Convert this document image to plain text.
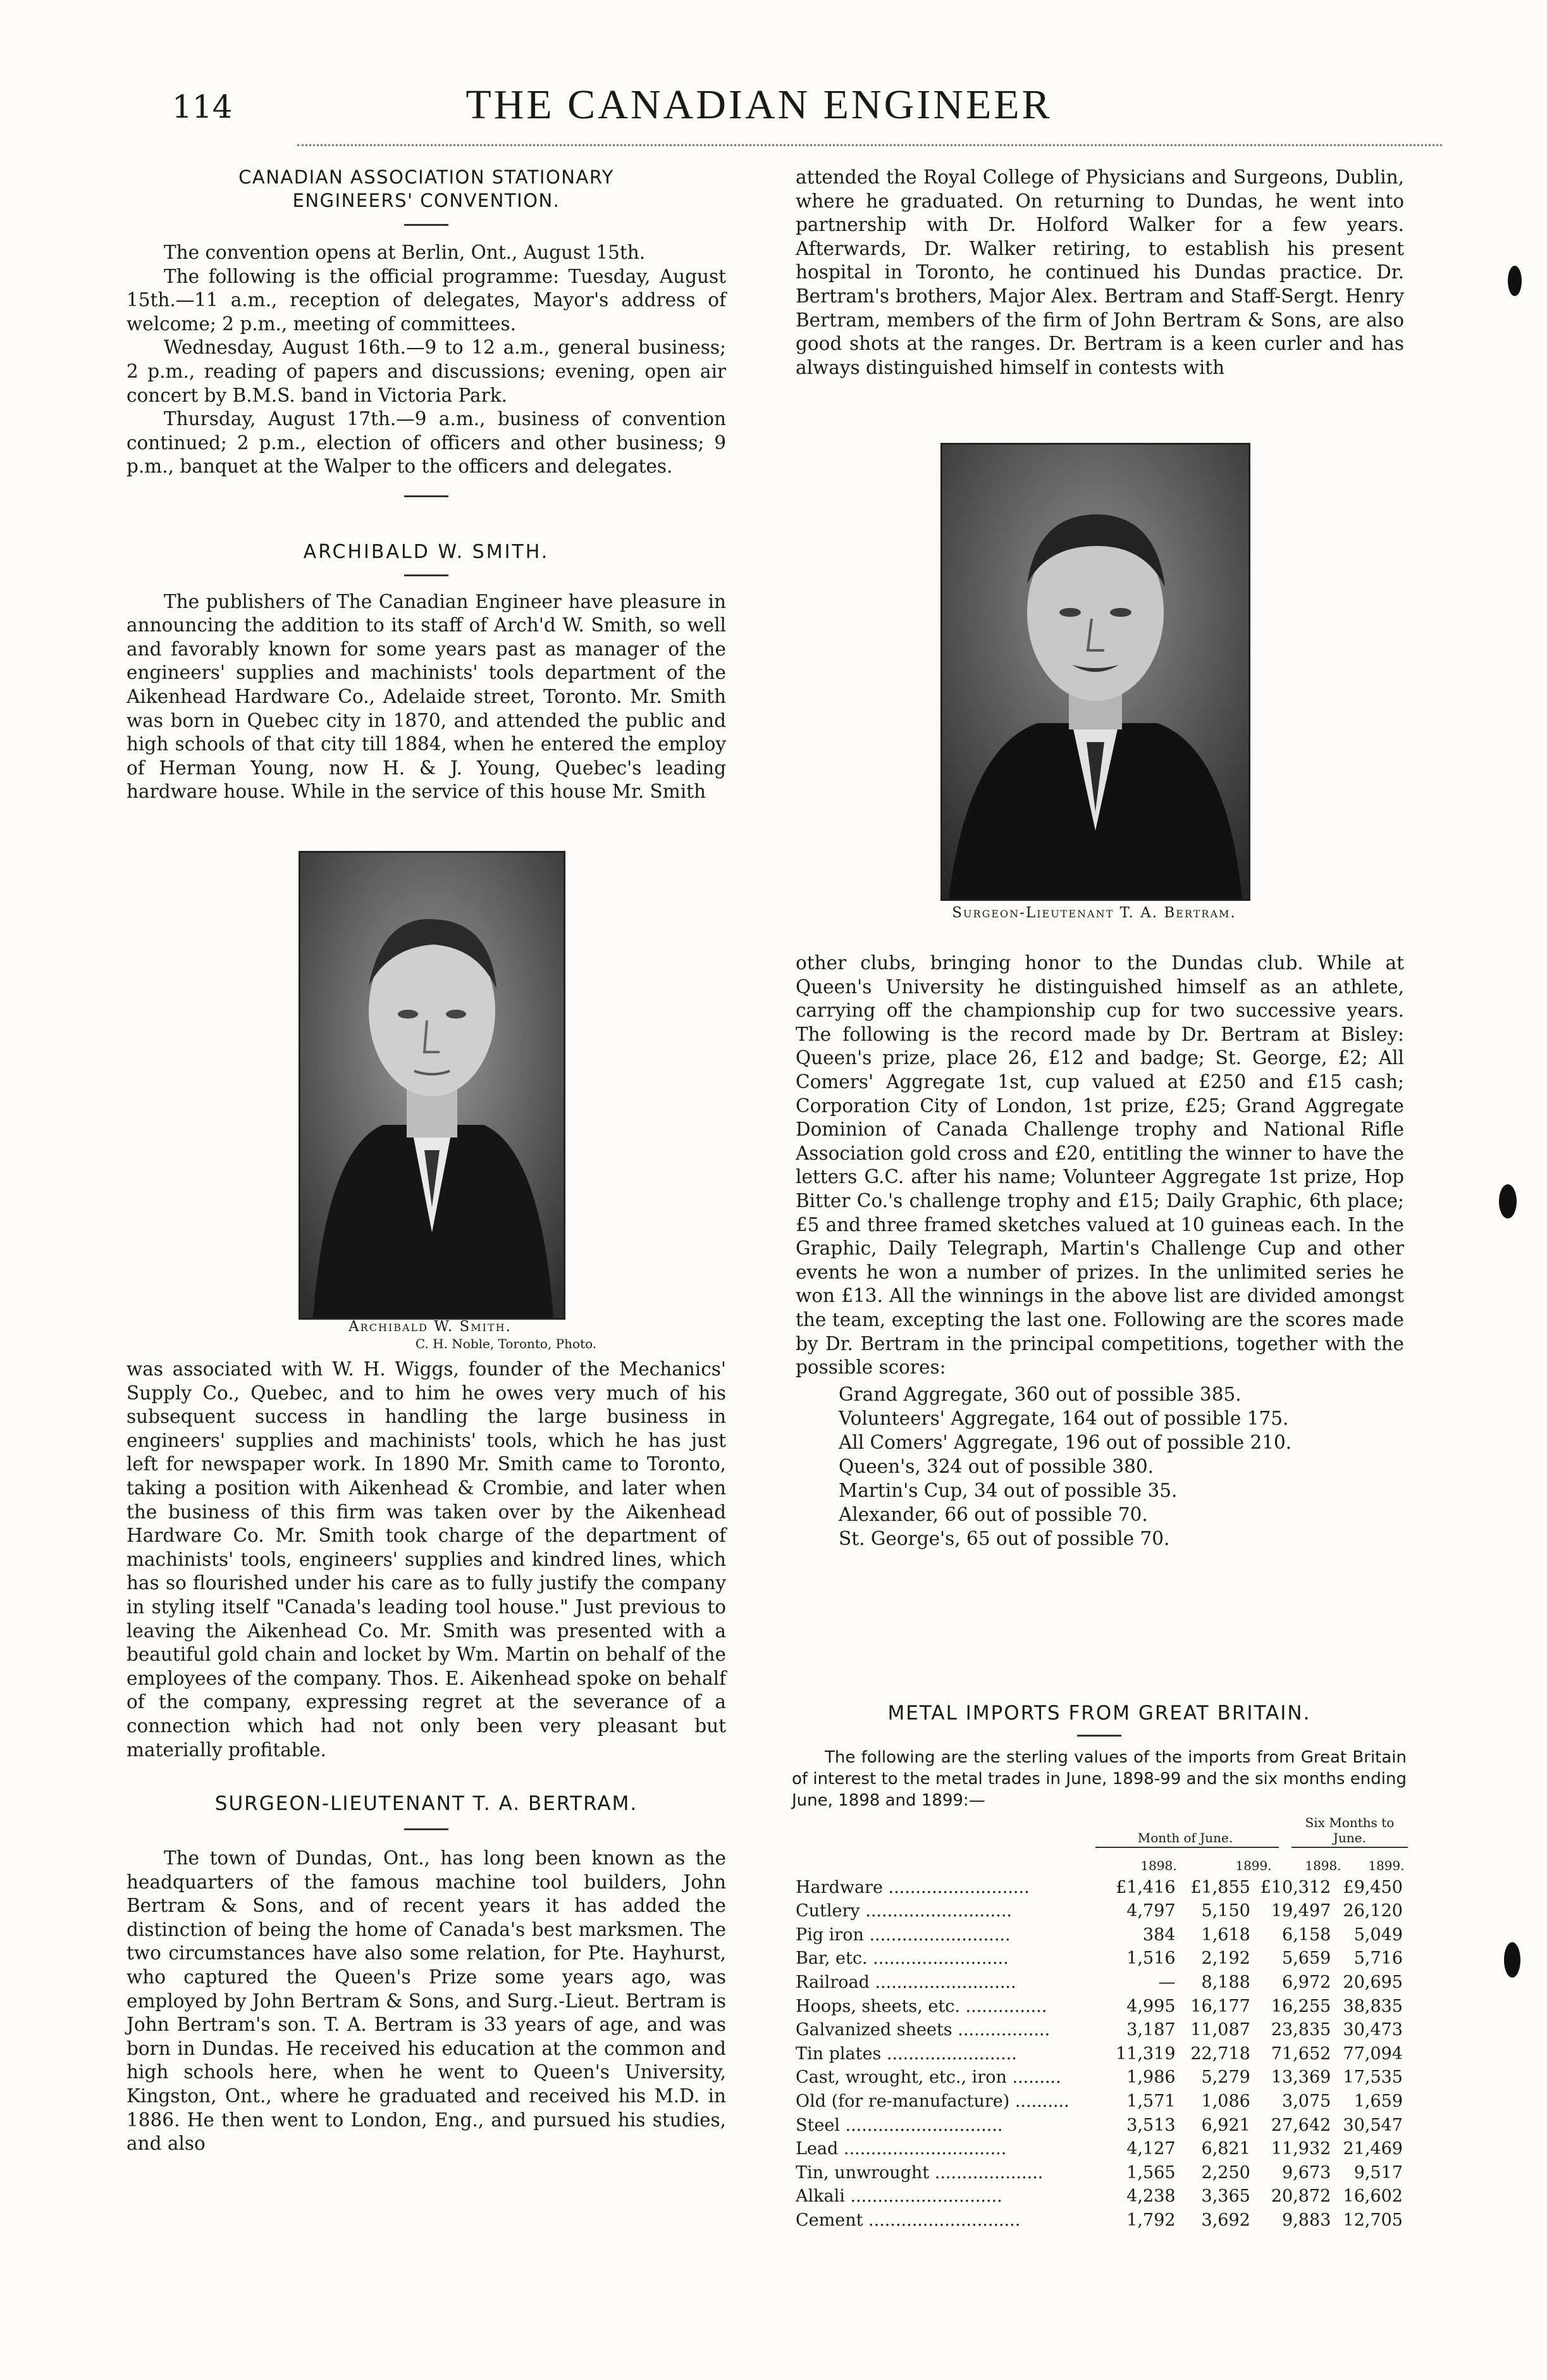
114	THE CANADIAN ENGINEER
CANADIAN ASSOCIATION STATIONARY ENGINEERS' CONVENTION.

The convention opens at Berlin, Ont., August 15th.

The following is the official programme: Tuesday, August 15th.—11 a.m., reception of delegates, Mayor's address of welcome; 2 p.m., meeting of committees.

Wednesday, August 16th.—9 to 12 a.m., general business; 2 p.m., reading of papers and discussions; evening, open air concert by B.M.S. band in Victoria Park.

Thursday, August 17th.—9 a.m., business of convention continued; 2 p.m., election of officers and other business; 9 p.m., banquet at the Walper to the officers and delegates.

ARCHIBALD W. SMITH.

The publishers of The Canadian Engineer have pleasure in announcing the addition to its staff of Arch'd W. Smith, so well and favorably known for some years past as manager of the engineers' supplies and machinists' tools department of the Aikenhead Hardware Co., Adelaide street, Toronto. Mr. Smith was born in Quebec city in 1870, and attended the public and high schools of that city till 1884, when he entered the employ of Herman Young, now H. & J. Young, Quebec's leading hardware house. While in the service of this house Mr. Smith

Archibald W. Smith.
C. H. Noble, Toronto, Photo.

was associated with W. H. Wiggs, founder of the Mechanics' Supply Co., Quebec, and to him he owes very much of his subsequent success in handling the large business in engineers' supplies and machinists' tools, which he has just left for newspaper work. In 1890 Mr. Smith came to Toronto, taking a position with Aikenhead & Crombie, and later when the business of this firm was taken over by the Aikenhead Hardware Co. Mr. Smith took charge of the department of machinists' tools, engineers' supplies and kindred lines, which has so flourished under his care as to fully justify the company in styling itself "Canada's leading tool house." Just previous to leaving the Aikenhead Co. Mr. Smith was presented with a beautiful gold chain and locket by Wm. Martin on behalf of the employees of the company. Thos. E. Aikenhead spoke on behalf of the company, expressing regret at the severance of a connection which had not only been very pleasant but materially profitable.

SURGEON-LIEUTENANT T. A. BERTRAM.

The town of Dundas, Ont., has long been known as the headquarters of the famous machine tool builders, John Bertram & Sons, and of recent years it has added the distinction of being the home of Canada's best marksmen. The two circumstances have also some relation, for Pte. Hayhurst, who captured the Queen's Prize some years ago, was employed by John Bertram & Sons, and Surg.-Lieut. Bertram is John Bertram's son. T. A. Bertram is 33 years of age, and was born in Dundas. He received his education at the common and high schools here, when he went to Queen's University, Kingston, Ont., where he graduated and received his M.D. in 1886. He then went to London, Eng., and pursued his studies, and also

attended the Royal College of Physicians and Surgeons, Dublin, where he graduated. On returning to Dundas, he went into partnership with Dr. Holford Walker for a few years. Afterwards, Dr. Walker retiring, to establish his present hospital in Toronto, he continued his Dundas practice. Dr. Bertram's brothers, Major Alex. Bertram and Staff-Sergt. Henry Bertram, members of the firm of John Bertram & Sons, are also good shots at the ranges. Dr. Bertram is a keen curler and has always distinguished himself in contests with

Surgeon-Lieutenant T. A. Bertram.

other clubs, bringing honor to the Dundas club. While at Queen's University he distinguished himself as an athlete, carrying off the championship cup for two successive years. The following is the record made by Dr. Bertram at Bisley: Queen's prize, place 26, £12 and badge; St. George, £2; All Comers' Aggregate 1st, cup valued at £250 and £15 cash; Corporation City of London, 1st prize, £25; Grand Aggregate Dominion of Canada Challenge trophy and National Rifle Association gold cross and £20, entitling the winner to have the letters G.C. after his name; Volunteer Aggregate 1st prize, Hop Bitter Co.'s challenge trophy and £15; Daily Graphic, 6th place; £5 and three framed sketches valued at 10 guineas each. In the Graphic, Daily Telegraph, Martin's Challenge Cup and other events he won a number of prizes. In the unlimited series he won £13. All the winnings in the above list are divided amongst the team, excepting the last one. Following are the scores made by Dr. Bertram in the principal competitions, together with the possible scores:

Grand Aggregate, 360 out of possible 385.
Volunteers' Aggregate, 164 out of possible 175.
All Comers' Aggregate, 196 out of possible 210.
Queen's, 324 out of possible 380.
Martin's Cup, 34 out of possible 35.
Alexander, 66 out of possible 70.
St. George's, 65 out of possible 70.
METAL IMPORTS FROM GREAT BRITAIN.

The following are the sterling values of the imports from Great Britain of interest to the metal trades in June, 1898-99 and the six months ending June, 1898 and 1899:—

Month of June.
Six Months to June.
1898.	1899.	1898.	1899.
Hardware ..........................	£1,416	£1,855	£10,312	£9,450
Cutlery ...........................	4,797	5,150	19,497	26,120
Pig iron ..........................	384	1,618	6,158	5,049
Bar, etc. .........................	1,516	2,192	5,659	5,716
Railroad ..........................	—	8,188	6,972	20,695
Hoops, sheets, etc. ...............	4,995	16,177	16,255	38,835
Galvanized sheets .................	3,187	11,087	23,835	30,473
Tin plates ........................	11,319	22,718	71,652	77,094
Cast, wrought, etc., iron .........	1,986	5,279	13,369	17,535
Old (for re-manufacture) ..........	1,571	1,086	3,075	1,659
Steel .............................	3,513	6,921	27,642	30,547
Lead ..............................	4,127	6,821	11,932	21,469
Tin, unwrought ....................	1,565	2,250	9,673	9,517
Alkali ............................	4,238	3,365	20,872	16,602
Cement ............................	1,792	3,692	9,883	12,705
